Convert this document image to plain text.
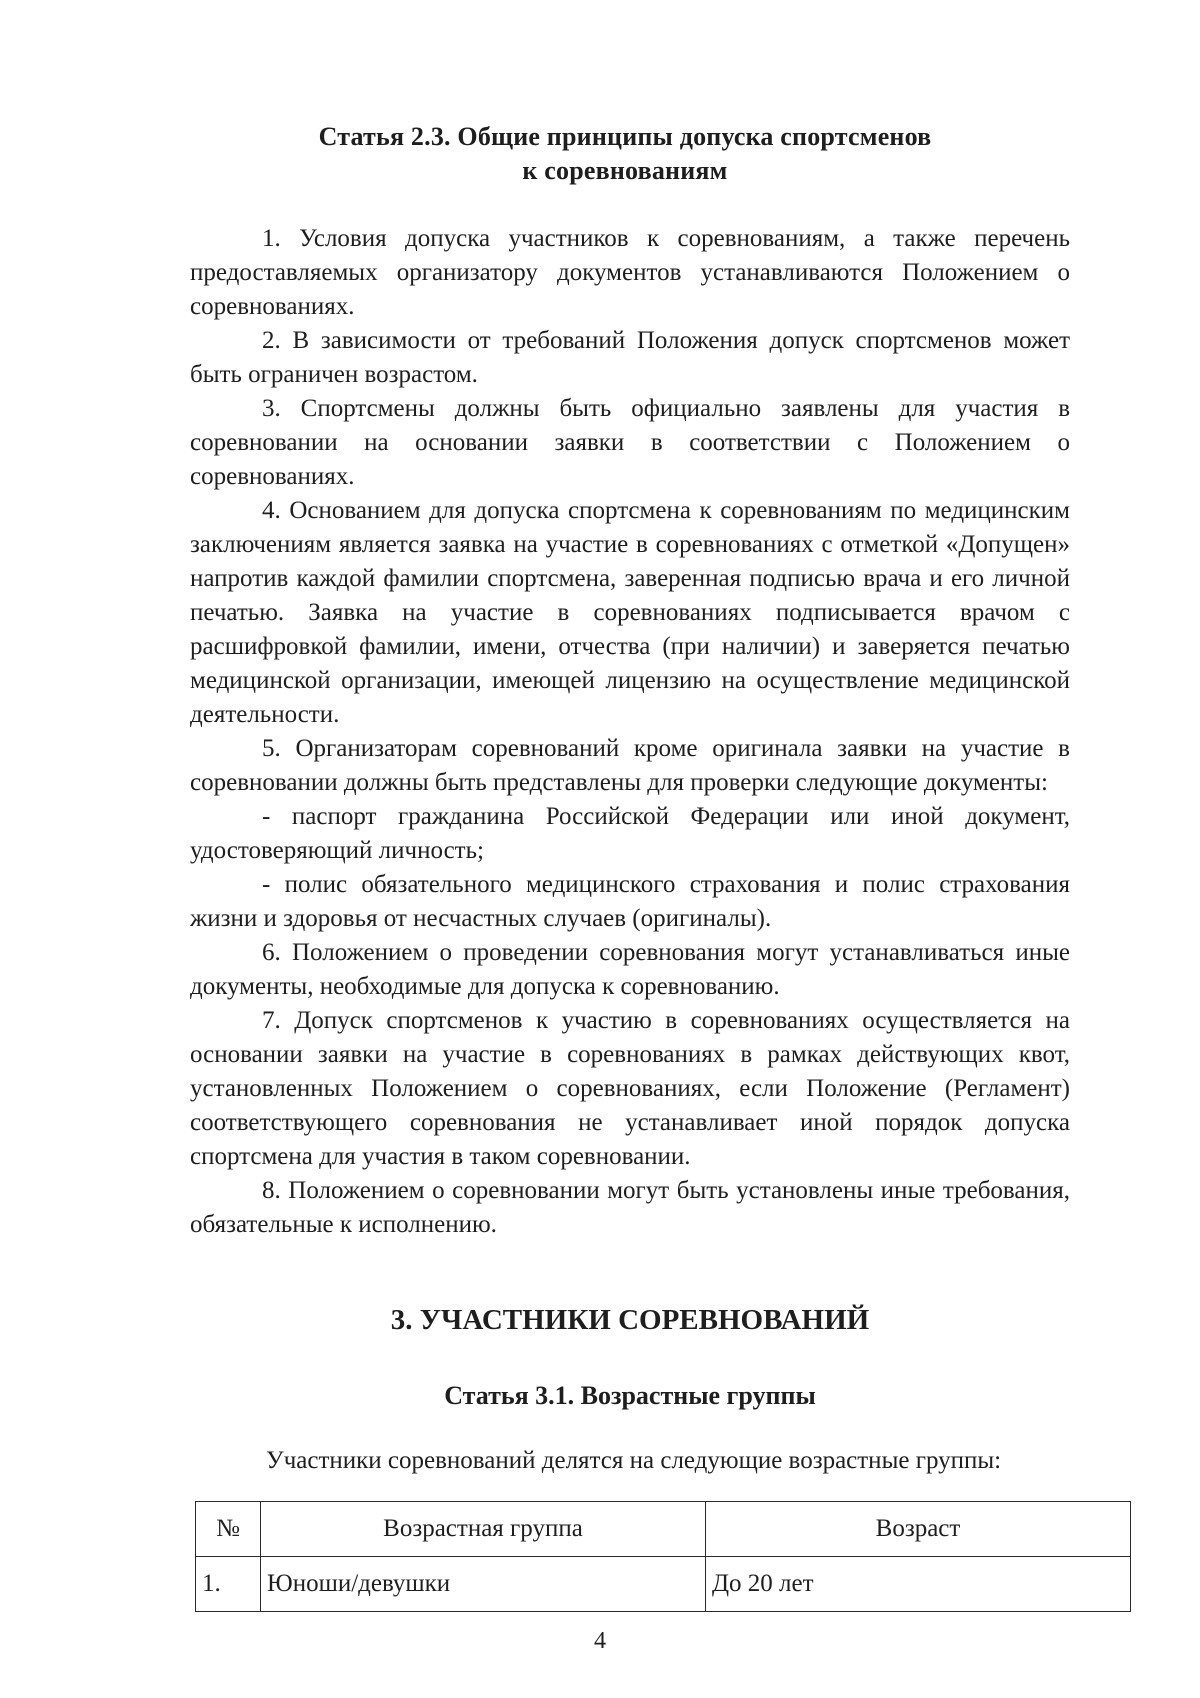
Статья 2.3. Общие принципы допуска спортсменов
к соревнованиям

1. Условия допуска участников к соревнованиям, а также перечень предоставляемых организатору документов устанавливаются Положением о соревнованиях.

2. В зависимости от требований Положения допуск спортсменов может быть ограничен возрастом.

3. Спортсмены должны быть официально заявлены для участия в соревновании на основании заявки в соответствии с Положением о соревнованиях.

4. Основанием для допуска спортсмена к соревнованиям по медицинским заключениям является заявка на участие в соревнованиях с отметкой «Допущен» напротив каждой фамилии спортсмена, заверенная подписью врача и его личной печатью. Заявка на участие в соревнованиях подписывается врачом с расшифровкой фамилии, имени, отчества (при наличии) и заверяется печатью медицинской организации, имеющей лицензию на осуществление медицинской деятельности.

5. Организаторам соревнований кроме оригинала заявки на участие в соревновании должны быть представлены для проверки следующие документы:

- паспорт гражданина Российской Федерации или иной документ, удостоверяющий личность;

- полис обязательного медицинского страхования и полис страхования жизни и здоровья от несчастных случаев (оригиналы).

6. Положением о проведении соревнования могут устанавливаться иные документы, необходимые для допуска к соревнованию.

7. Допуск спортсменов к участию в соревнованиях осуществляется на основании заявки на участие в соревнованиях в рамках действующих квот, установленных Положением о соревнованиях, если Положение (Регламент) соответствующего соревнования не устанавливает иной порядок допуска спортсмена для участия в таком соревновании.

8. Положением о соревновании могут быть установлены иные требования, обязательные к исполнению.

3. УЧАСТНИКИ СОРЕВНОВАНИЙ
Статья 3.1. Возрастные группы
Участники соревнований делятся на следующие возрастные группы:
№	Возрастная группа	Возраст
1.	Юноши/девушки	До 20 лет
4
